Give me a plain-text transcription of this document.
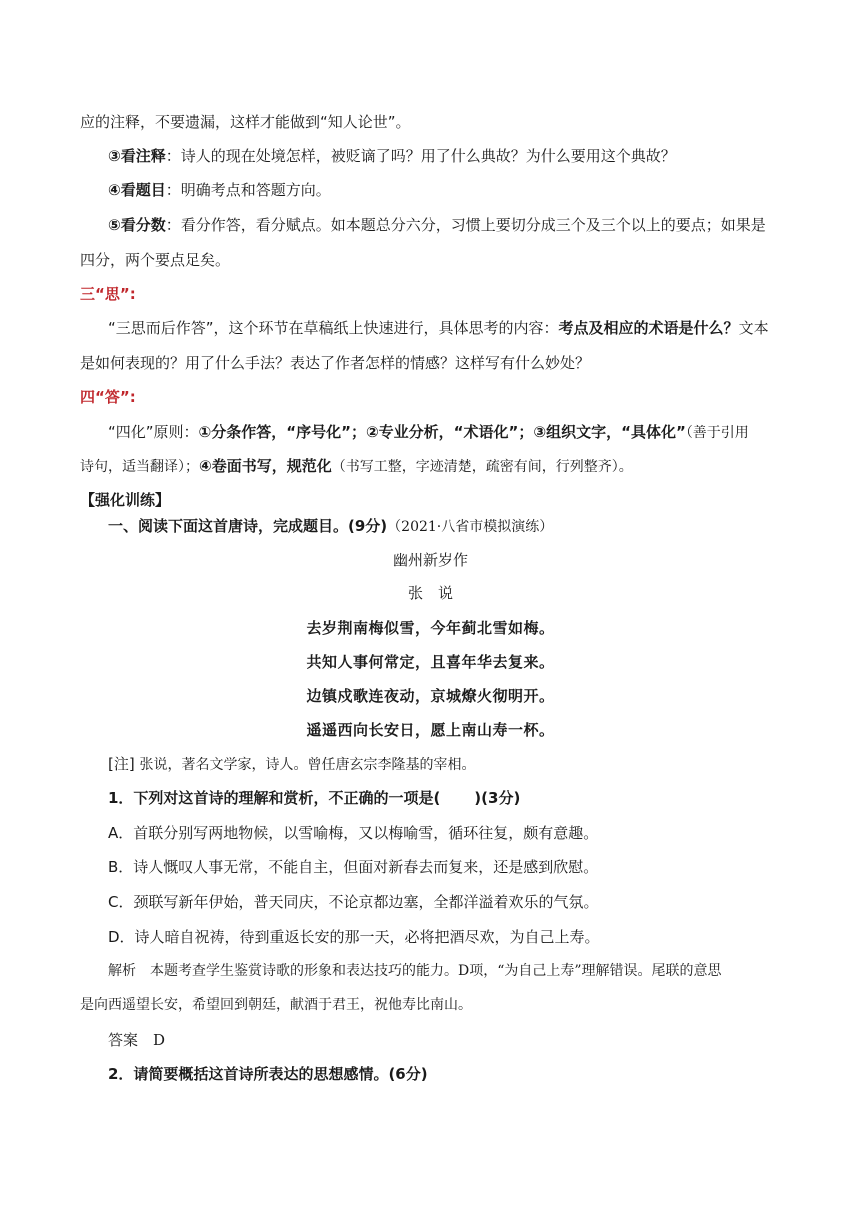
应的注释，不要遗漏，这样才能做到“知人论世”。
③看注释：诗人的现在处境怎样，被贬谪了吗？用了什么典故？为什么要用这个典故？
④看题目：明确考点和答题方向。
⑤看分数：看分作答，看分赋点。如本题总分六分，习惯上要切分成三个及三个以上的要点；如果是
四分，两个要点足矣。
三“思”:
“三思而后作答”，这个环节在草稿纸上快速进行，具体思考的内容：考点及相应的术语是什么？文本
是如何表现的？用了什么手法？表达了作者怎样的情感？这样写有什么妙处？
四“答”:
“四化”原则：①分条作答，“序号化”；②专业分析，“术语化”；③组织文字，“具体化”（善于引用
诗句，适当翻译）；④卷面书写，规范化（书写工整，字迹清楚，疏密有间，行列整齐）。
【强化训练】
一、阅读下面这首唐诗，完成题目。(9分)（2021·八省市模拟演练）
幽州新岁作
张　说
去岁荆南梅似雪，今年蓟北雪如梅。
共知人事何常定，且喜年华去复来。
边镇戍歌连夜动，京城燎火彻明开。
遥遥西向长安日，愿上南山寿一杯。
[注] 张说，著名文学家，诗人。曾任唐玄宗李隆基的宰相。
1．下列对这首诗的理解和赏析，不正确的一项是( )(3分)
A．首联分别写两地物候，以雪喻梅，又以梅喻雪，循环往复，颇有意趣。
B．诗人慨叹人事无常，不能自主，但面对新春去而复来，还是感到欣慰。
C．颈联写新年伊始，普天同庆，不论京都边塞，全都洋溢着欢乐的气氛。
D．诗人暗自祝祷，待到重返长安的那一天，必将把酒尽欢，为自己上寿。
解析　 本题考查学生鉴赏诗歌的形象和表达技巧的能力。D项，“为自己上寿”理解错误。尾联的意思
是向西遥望长安，希望回到朝廷，献酒于君王，祝他寿比南山。
答案　 D
2．请简要概括这首诗所表达的思想感情。(6分)
